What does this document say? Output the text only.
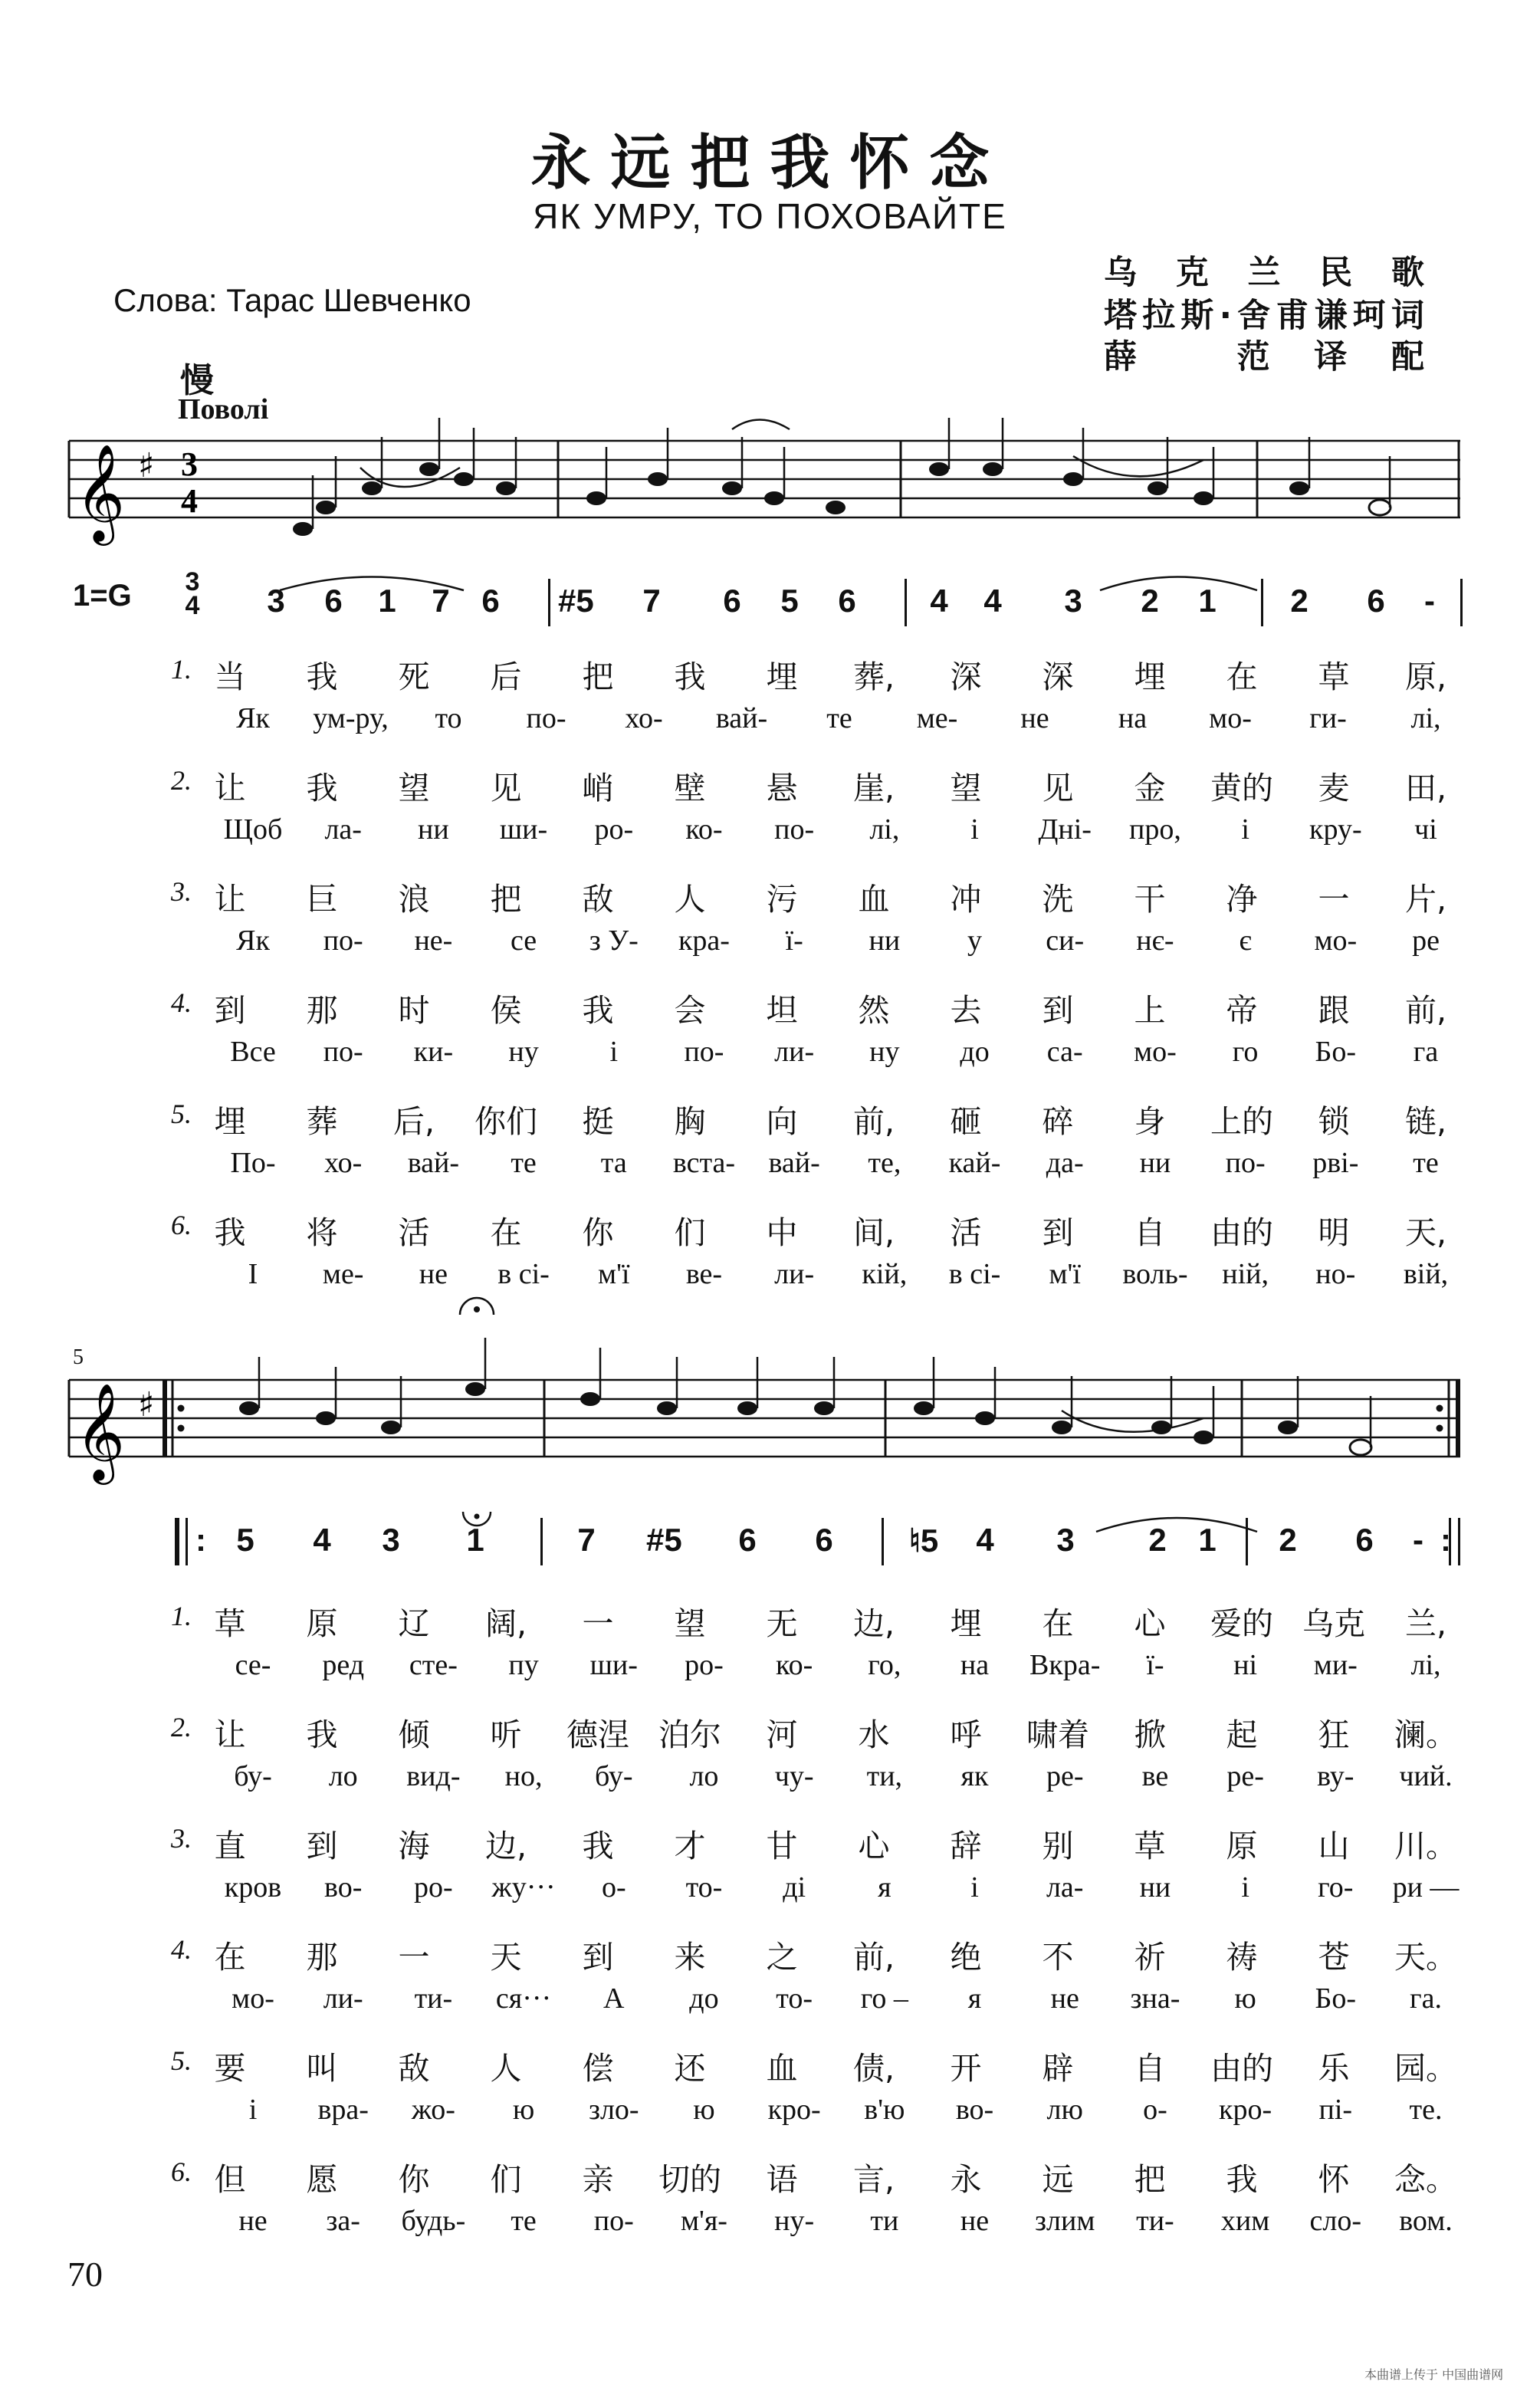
永远把我怀念
ЯК УМРУ, ТО ПОХОВАЙТЕ
Слова: Тарас Шевченко
乌克兰民歌
塔拉斯·舍甫谦珂词
薛 范译配
慢
Поволі
1=G 3
4
5
𝄞 ♯ 3
4
𝄞 ♯
3 6 1 7 6 #5 7 6 5 6 4 4 3 2 1 2 6	-
5 4 3 1	7 #5 6 6 ♮5 4 3 2 1 2 6	-
:	:
1. 当	我	死	后	把	我	埋	葬,	深	深	埋	在	草	原,
Як	ум-ру,	то	по-	хо-	вай-	те	ме-	не	на	мо-	ги-	лі,
2. 让	我	望	见	峭	壁	悬	崖,	望	见	金	黄的	麦	田,
Щоб	ла-	ни	ши-	ро-	ко-	по-	лі,	і	Дні-	про,	і	кру-	чі
3. 让	巨	浪	把	敌	人	污	血	冲	洗	干	净	一	片,
Як	по-	не-	се	з У-	кра-	ї-	ни	у	си-	нє-	є	мо-	ре
4. 到	那	时	侯	我	会	坦	然	去	到	上	帝	跟	前,
Все	по-	ки-	ну	і	по-	ли-	ну	до	са-	мо-	го	Бо-	га
5. 埋	葬	后,	你们	挺	胸	向	前,	砸	碎	身	上的	锁	链,
По-	хо-	вай-	те	та	вста-	вай-	те,	кай-	да-	ни	по-	рві-	те
6. 我	将	活	在	你	们	中	间,	活	到	自	由的	明	天,
І	ме-	не	в сі-	м'ї	ве-	ли-	кій,	в сі-	м'ї	воль-	ній,	но-	вій,
1. 草	原	辽	阔,	一	望	无	边,	埋	在	心	爱的 乌克	兰,
се-	ред	сте-	пу	ши-	ро-	ко-	го,	на	Вкра-	ї-	ні	ми-	лі,
2. 让	我	倾	听	德涅 泊尔	河	水	呼	啸着	掀	起	狂	澜。
бу-	ло	вид-	но,	бу-	ло	чу-	ти,	як	ре-	ве	ре-	ву-	чий.
3. 直	到	海	边,	我	才	甘	心	辞	别	草	原	山	川。
кров	во-	ро-	жу···	о-	то-	ді	я	і	ла-	ни	і	го-	ри —
4. 在	那	一	天	到	来	之	前,	绝	不	祈	祷	苍	天。
мо-	ли-	ти-	ся···	А	до	то-	го –	я	не	зна-	ю	Бо-	га.
5. 要	叫	敌	人	偿	还	血	债,	开	辟	自	由的	乐	园。
і	вра-	жо-	ю	зло-	ю	кро-	в'ю	во-	лю	о-	кро-	пі-	те.
6. 但	愿	你	们	亲	切的	语	言,	永	远	把	我	怀	念。
не	за-	будь-	те	по-	м'я-	ну-	ти	не	злим	ти-	хим	сло-	вом.
70
本曲谱上传于 中国曲谱网
